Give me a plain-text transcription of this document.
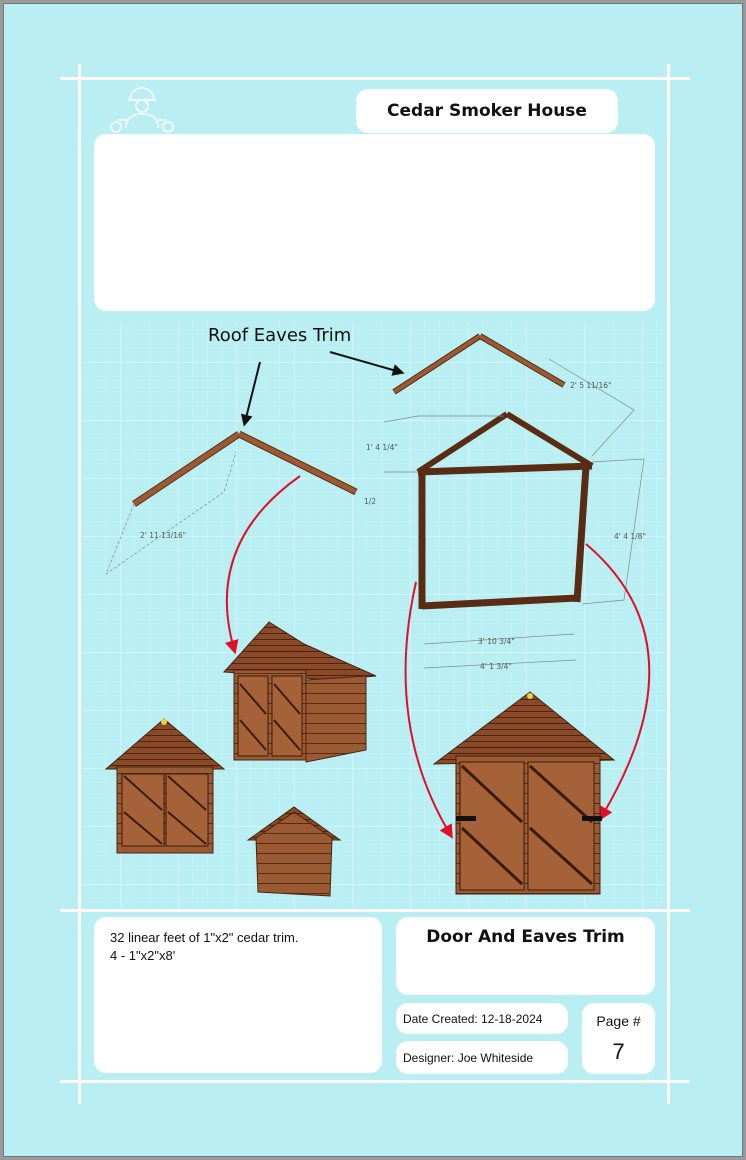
Cedar Smoker House
2' 11 13/16"
1/2
2' 5 11/16"
1' 4 1/4"
4' 4 1/8"
3' 10 3/4"
4' 1 3/4"
Roof Eaves Trim
32 linear feet of 1"x2" cedar trim.
4 - 1"x2"x8'
Door And Eaves Trim
Date Created: 12-18-2024
Designer: Joe Whiteside
Page #
7
